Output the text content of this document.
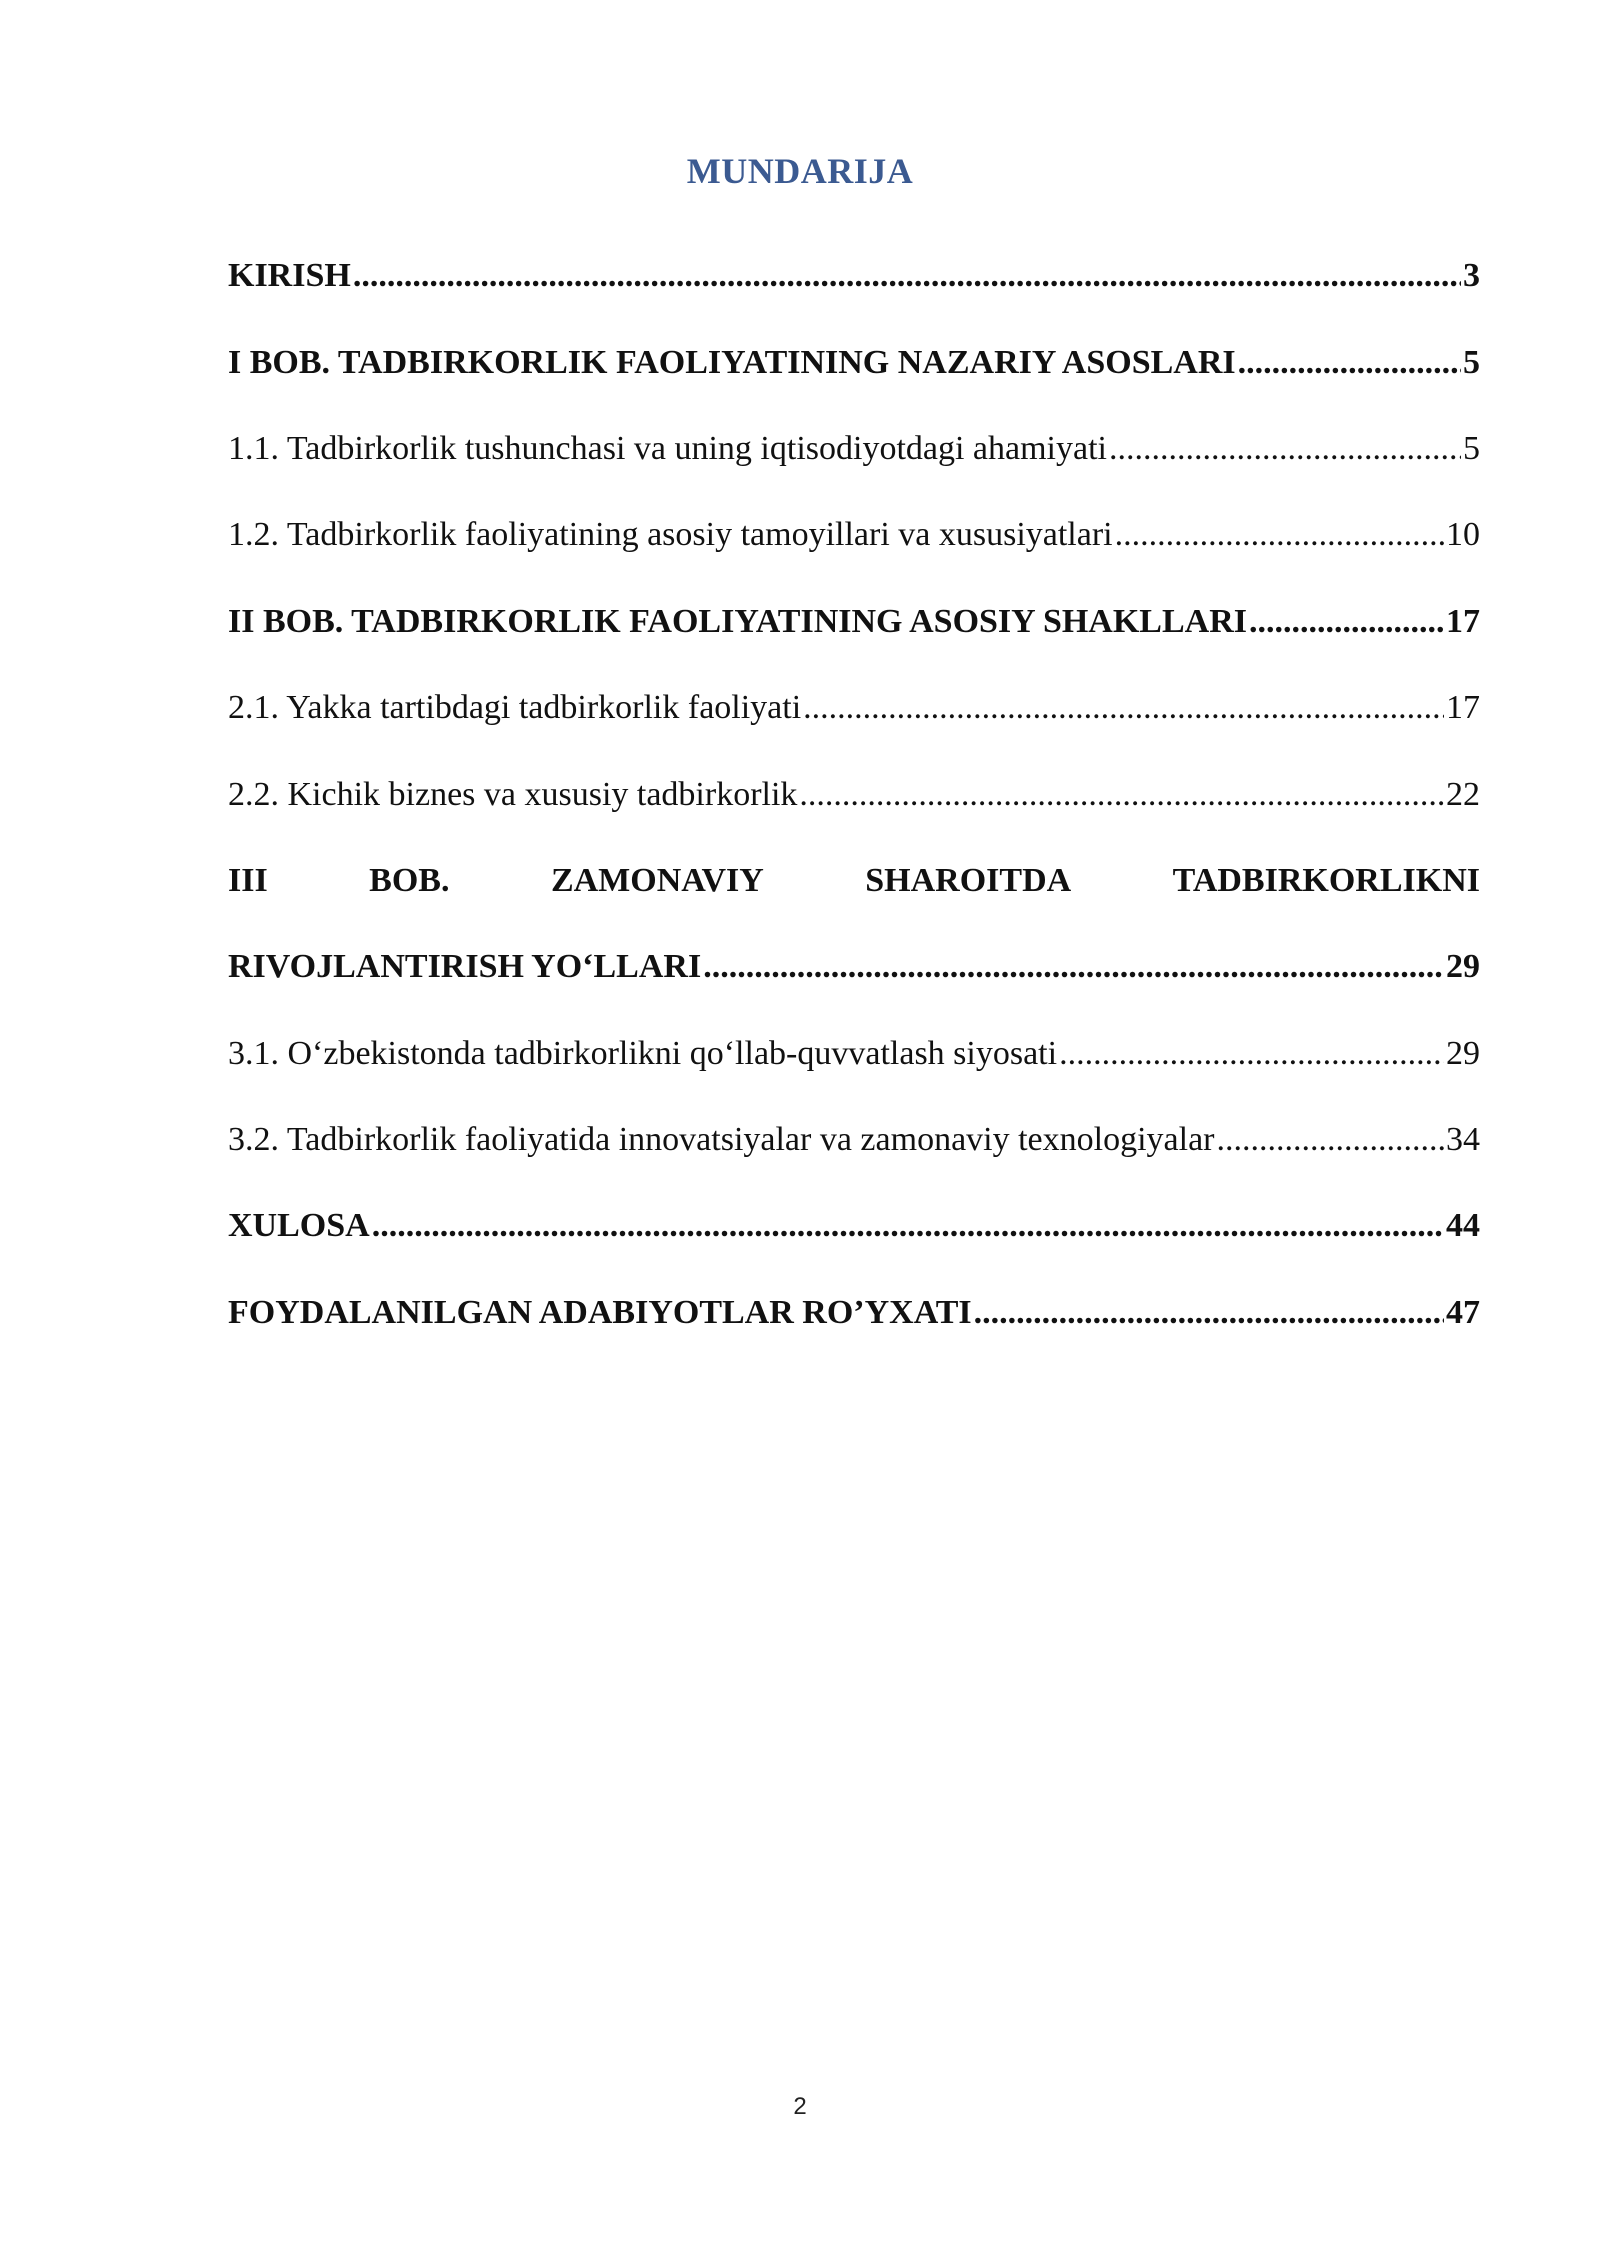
MUNDARIJA
KIRISH .....	3
I BOB. TADBIRKORLIK FAOLIYATINING NAZARIY ASOSLARI .....	5
1.1. Tadbirkorlik tushunchasi va uning iqtisodiyotdagi ahamiyati .....	5
1.2. Tadbirkorlik faoliyatining asosiy tamoyillari va xususiyatlari .....	10
II BOB. TADBIRKORLIK FAOLIYATINING ASOSIY SHAKLLARI .....	17
2.1. Yakka tartibdagi tadbirkorlik faoliyati .....	17
2.2. Kichik biznes va xususiy tadbirkorlik .....	22
III	BOB.	ZAMONAVIY	SHAROITDA	TADBIRKORLIKNI
RIVOJLANTIRISH YO‘LLARI .....	29
3.1. O‘zbekistonda tadbirkorlikni qo‘llab-quvvatlash siyosati .....	29
3.2. Tadbirkorlik faoliyatida innovatsiyalar va zamonaviy texnologiyalar .....	34
XULOSA .....	44
FOYDALANILGAN ADABIYOTLAR RO’YXATI .....	47
2
